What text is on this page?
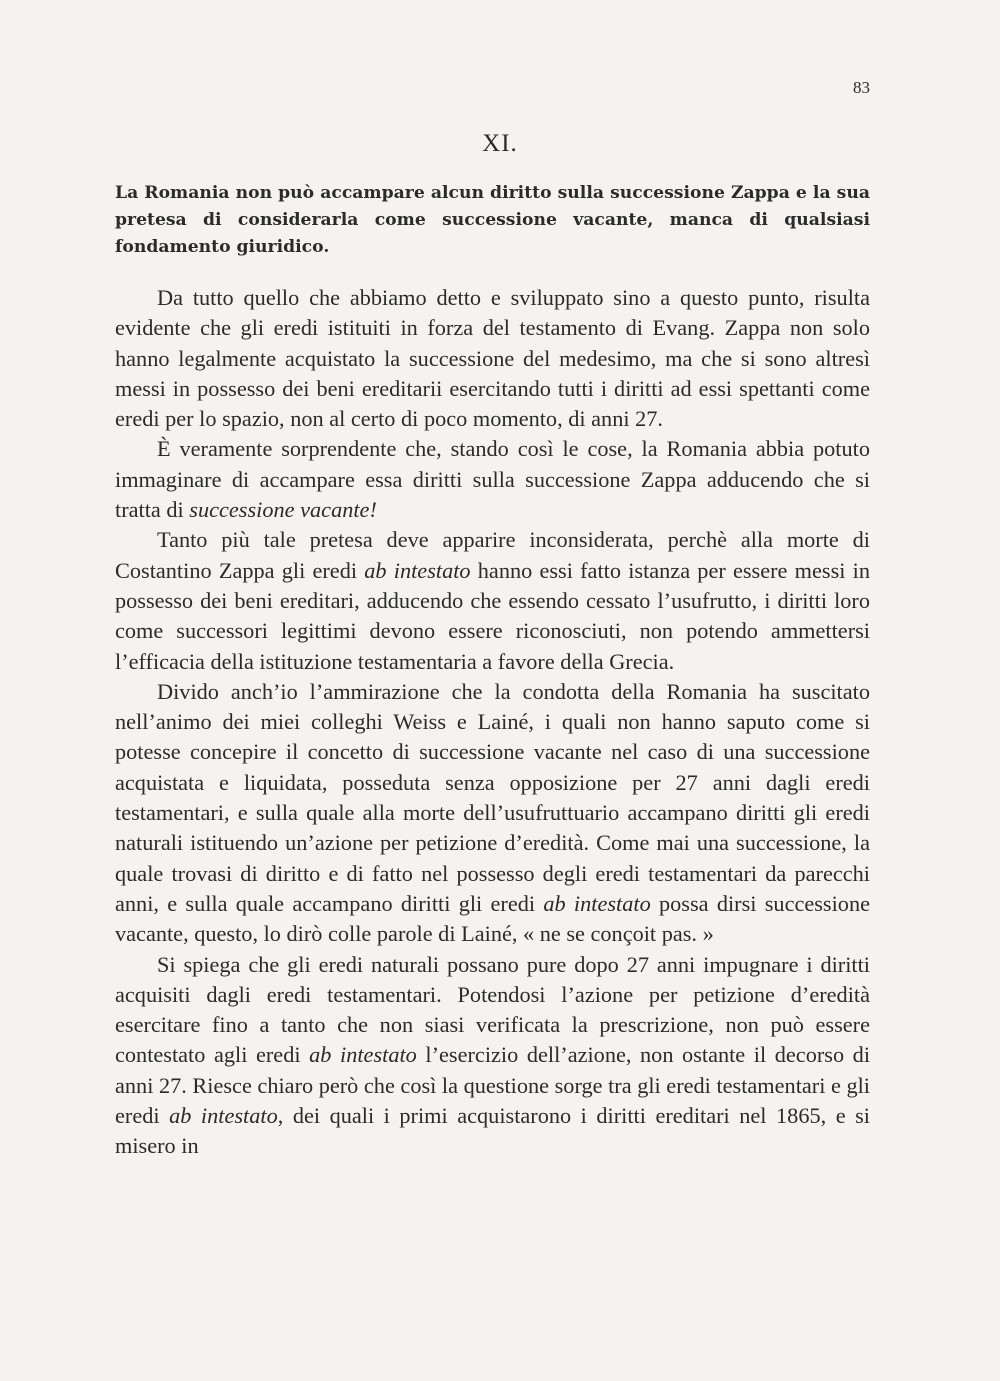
83
XI.

La Romania non può accampare alcun diritto sulla successione Zappa e la sua pretesa di considerarla come successione vacante, manca di qualsiasi fondamento giuridico.

Da tutto quello che abbiamo detto e sviluppato sino a questo punto, risulta evidente che gli eredi istituiti in forza del testamento di Evang. Zappa non solo hanno legalmente acquistato la successione del medesimo, ma che si sono altresì messi in possesso dei beni ereditarii esercitando tutti i diritti ad essi spettanti come eredi per lo spazio, non al certo di poco momento, di anni 27.

È veramente sorprendente che, stando così le cose, la Romania abbia potuto immaginare di accampare essa diritti sulla successione Zappa adducendo che si tratta di successione vacante!

Tanto più tale pretesa deve apparire inconsiderata, perchè alla morte di Costantino Zappa gli eredi ab intestato hanno essi fatto istanza per essere messi in possesso dei beni ereditari, adducendo che essendo cessato l’usufrutto, i diritti loro come successori legittimi devono essere riconosciuti, non potendo ammettersi l’efficacia della istituzione testamentaria a favore della Grecia.

Divido anch’io l’ammirazione che la condotta della Romania ha suscitato nell’animo dei miei colleghi Weiss e Lainé, i quali non hanno saputo come si potesse concepire il concetto di successione vacante nel caso di una successione acquistata e liquidata, posseduta senza opposizione per 27 anni dagli eredi testamentari, e sulla quale alla morte dell’usufruttuario accampano diritti gli eredi naturali istituendo un’azione per petizione d’eredità. Come mai una successione, la quale trovasi di diritto e di fatto nel possesso degli eredi testamentari da parecchi anni, e sulla quale accampano diritti gli eredi ab intestato possa dirsi successione vacante, questo, lo dirò colle parole di Lainé, « ne se conçoit pas. »

Si spiega che gli eredi naturali possano pure dopo 27 anni impugnare i diritti acquisiti dagli eredi testamentari. Potendosi l’azione per petizione d’eredità esercitare fino a tanto che non siasi verificata la prescrizione, non può essere contestato agli eredi ab intestato l’esercizio dell’azione, non ostante il decorso di anni 27. Riesce chiaro però che così la questione sorge tra gli eredi testamentari e gli eredi ab intestato, dei quali i primi acquistarono i diritti ereditari nel 1865, e si misero in
